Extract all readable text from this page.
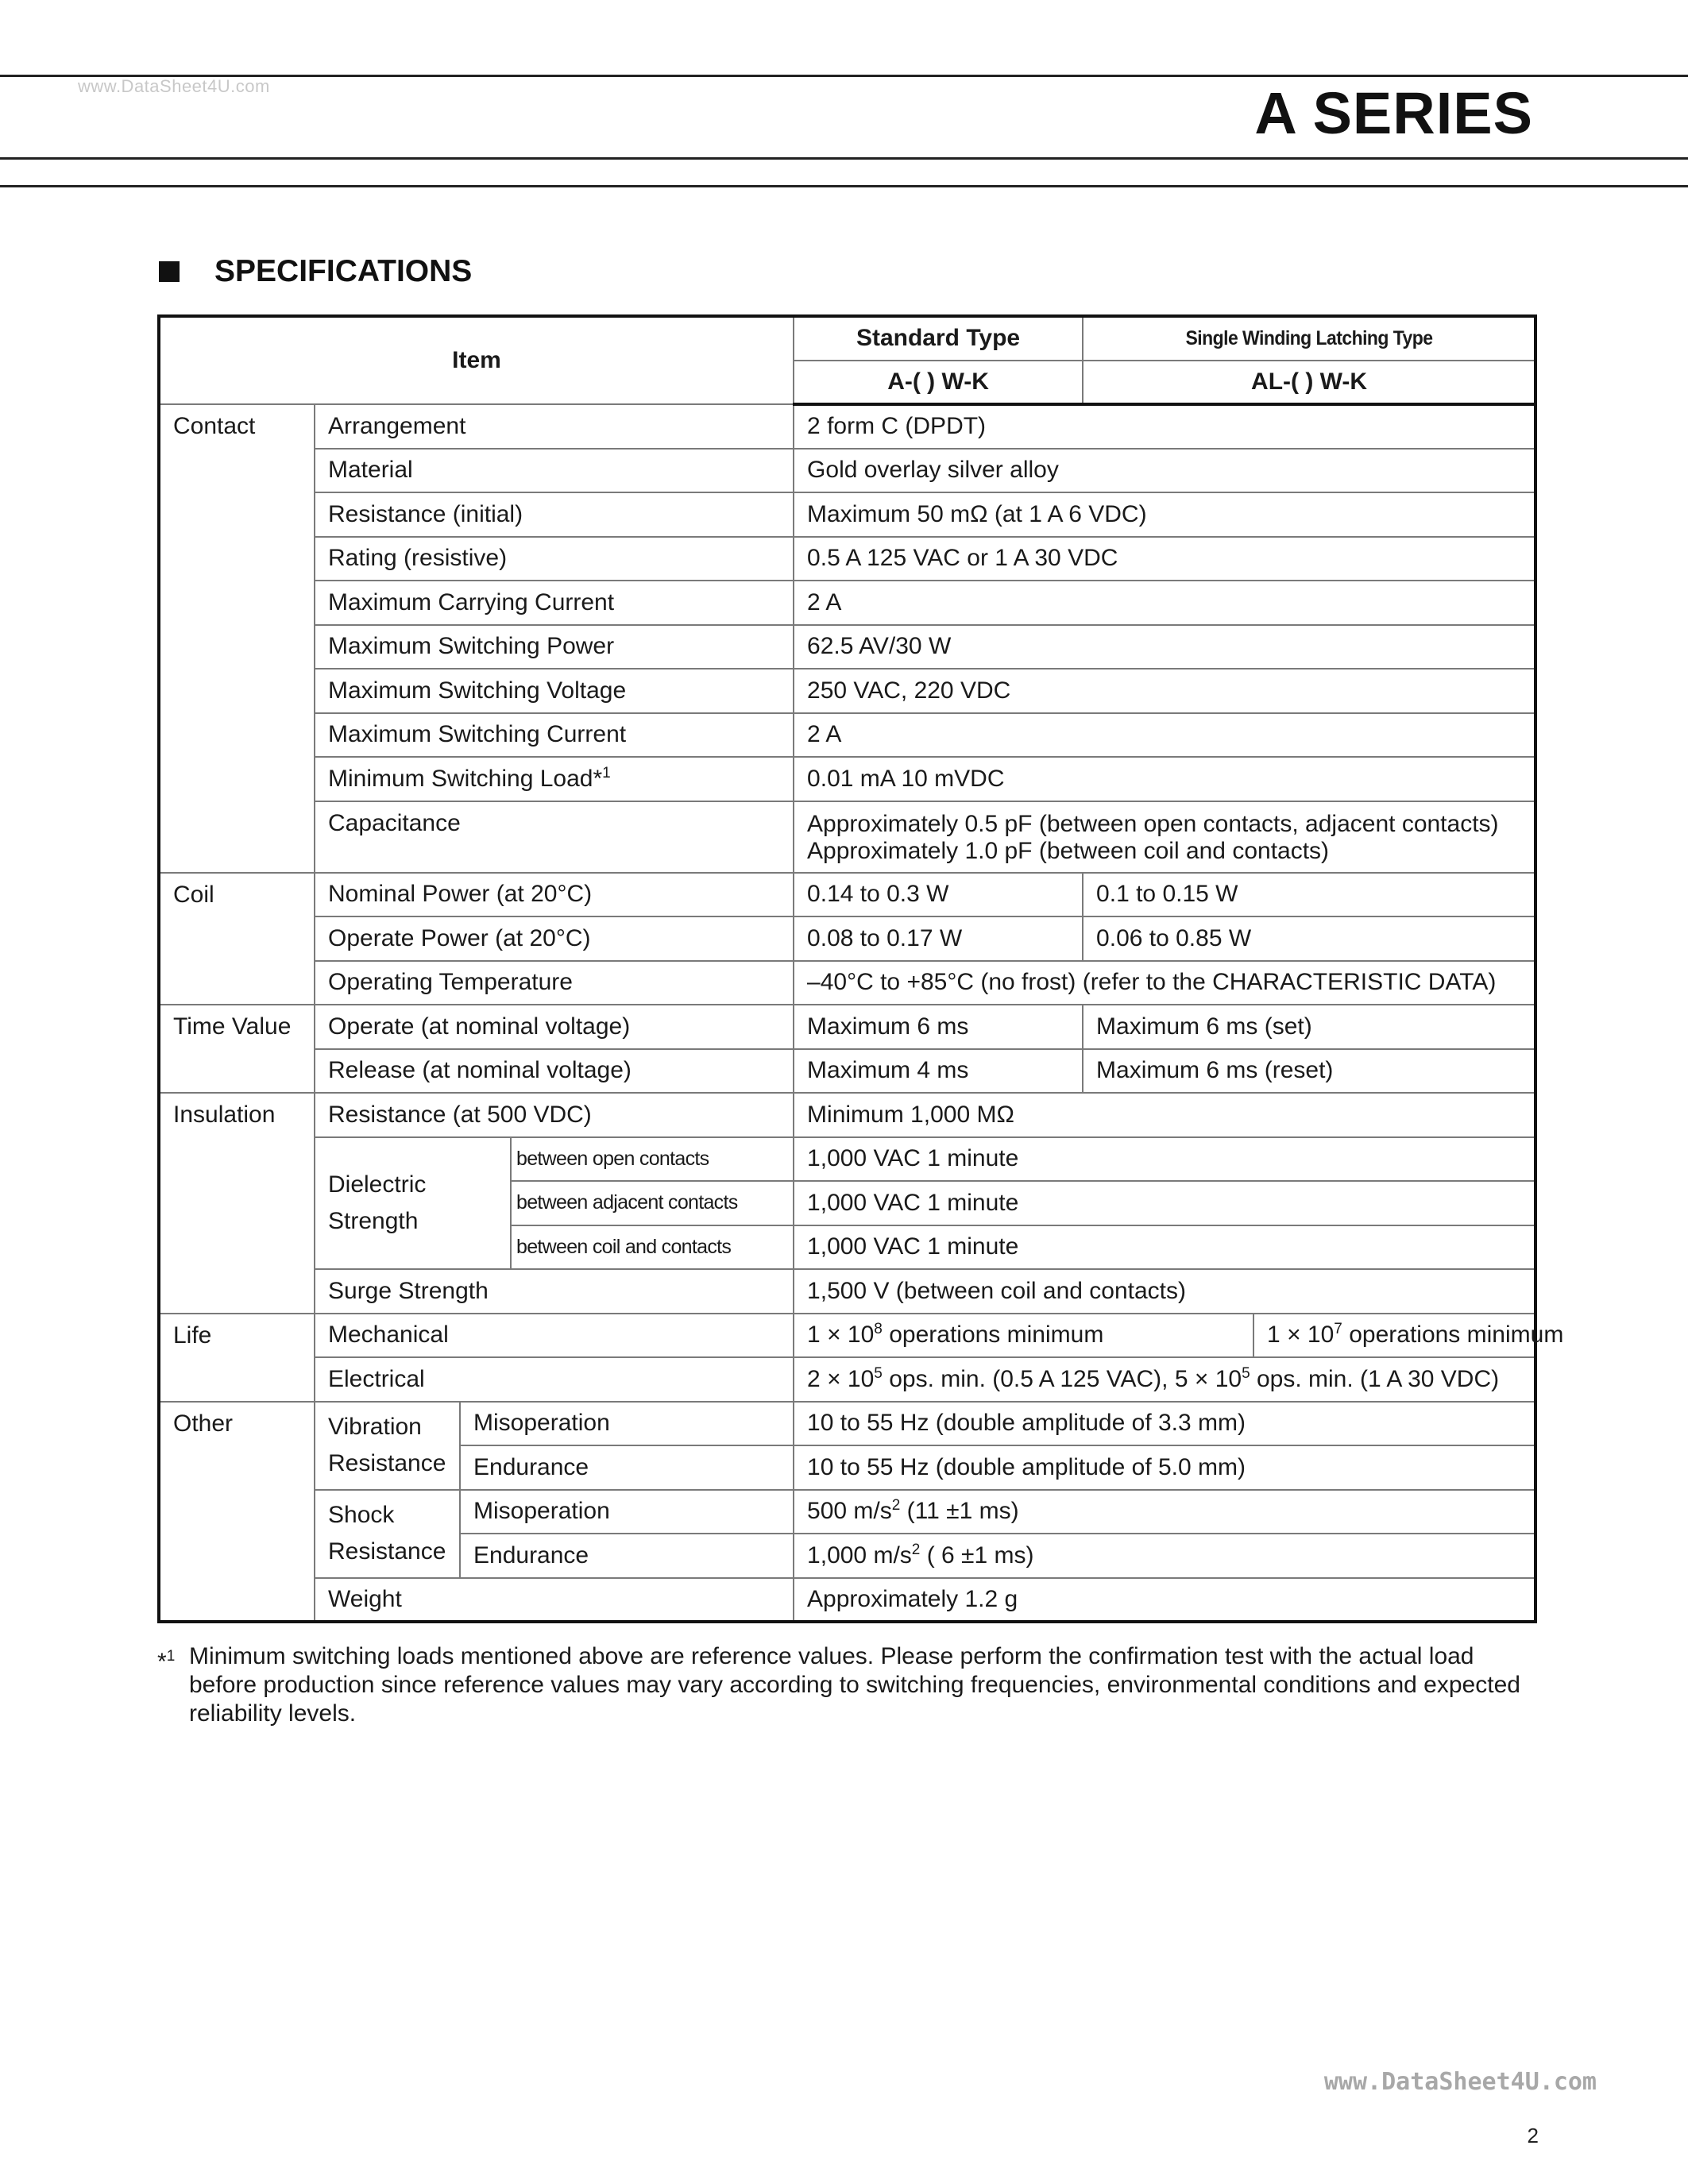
www.DataSheet4U.com	A SERIES
SPECIFICATIONS
Item				Standard Type	Single Winding Latching Type	
				A-( ) W-K	AL-( ) W-K	
Contact	Arrangement			2 form C (DPDT)			
	Material			Gold overlay silver alloy			
	Resistance (initial)			Maximum 50 mΩ (at 1 A 6 VDC)			
	Rating (resistive)			0.5 A 125 VAC or 1 A 30 VDC			
	Maximum Carrying Current			2 A			
	Maximum Switching Power			62.5 AV/30 W			
	Maximum Switching Voltage			250 VAC, 220 VDC			
	Maximum Switching Current			2 A			
	Minimum Switching Load*$^1$			0.01 mA 10 mVDC			
	Capacitance			Approximately 0.5 pF (between open contacts, adjacent contacts)
Approximately 1.0 pF (between coil and contacts)			

Coil	Nominal Power (at 20°C)			0.14 to 0.3 W	0.1 to 0.15 W	
	Operate Power (at 20°C)			0.08 to 0.17 W	0.06 to 0.85 W	
	Operating Temperature			–40°C to +85°C (no frost) (refer to the CHARACTERISTIC DATA)			
Time Value	Operate (at nominal voltage)			Maximum 6 ms	Maximum 6 ms (set)		
	Release (at nominal voltage)			Maximum 4 ms	Maximum 6 ms (reset)		
Insulation	Resistance (at 500 VDC)			Minimum 1,000 MΩ			
	Dielectric Strength		between open contacts	1,000 VAC 1 minute			
			between adjacent contacts	1,000 VAC 1 minute			
			between coil and contacts	1,000 VAC 1 minute			
	Surge Strength			1,500 V (between coil and contacts)			
Life	Mechanical			$1 \times 10^8$ operations minimum		$1 \times 10^7$ operations minimum	
	Electrical			$2 \times 10^5$ ops. min. (0.5 A 125 VAC), $5 \times 10^5$ ops. min. (1 A 30 VDC)			
Other	Vibration Resistance	Misoperation		10 to 55 Hz (double amplitude of 3.3 mm)			
		Endurance		10 to 55 Hz (double amplitude of 5.0 mm)			
	Shock Resistance	Misoperation		500 $m/s^2$ (11 ±1 ms)			
		Endurance		1,000 $m/s^2$ ( 6 ±1 ms)			
	Weight			Approximately 1.2 g			
*$^1$ Minimum switching loads mentioned above are reference values. Please perform the confirmation test with the actual load before production since reference values may vary according to switching frequencies, environmental conditions and expected reliability levels.
www.DataSheet4U.com
2
